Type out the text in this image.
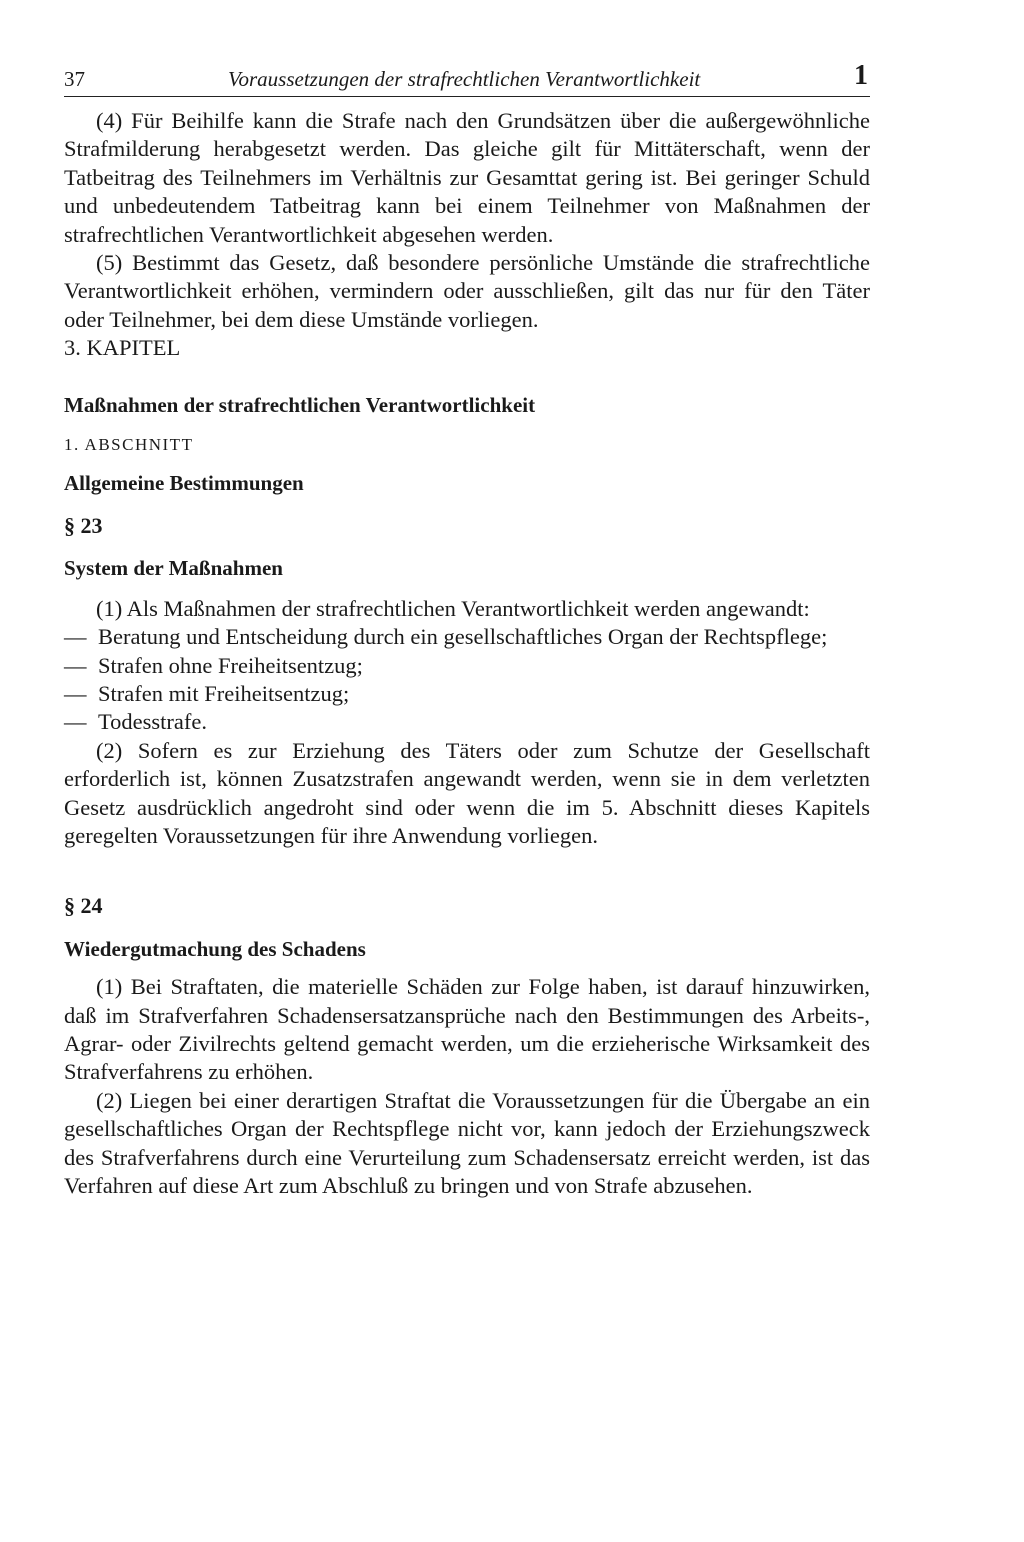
37	Voraussetzungen der strafrechtlichen Verantwortlichkeit	1

(4) Für Beihilfe kann die Strafe nach den Grundsätzen über die außergewöhnliche Strafmilderung herabgesetzt werden. Das gleiche gilt für Mittäterschaft, wenn der Tatbeitrag des Teilnehmers im Verhältnis zur Gesamttat gering ist. Bei geringer Schuld und unbedeutendem Tatbeitrag kann bei einem Teilnehmer von Maßnahmen der strafrechtlichen Verantwortlichkeit abgesehen werden.

(5) Bestimmt das Gesetz, daß besondere persönliche Umstände die strafrechtliche Verantwortlichkeit erhöhen, vermindern oder ausschließen, gilt das nur für den Täter oder Teilnehmer, bei dem diese Umstände vorliegen.

3. KAPITEL

Maßnahmen der strafrechtlichen Verantwortlichkeit

1. ABSCHNITT

Allgemeine Bestimmungen

§ 23

System der Maßnahmen

(1) Als Maßnahmen der strafrechtlichen Verantwortlichkeit werden angewandt:

— Beratung und Entscheidung durch ein gesellschaftliches Organ der Rechtspflege;
— Strafen ohne Freiheitsentzug;
— Strafen mit Freiheitsentzug;
— Todesstrafe.

(2) Sofern es zur Erziehung des Täters oder zum Schutze der Gesellschaft erforderlich ist, können Zusatzstrafen angewandt werden, wenn sie in dem verletzten Gesetz ausdrücklich angedroht sind oder wenn die im 5. Abschnitt dieses Kapitels geregelten Voraussetzungen für ihre Anwendung vorliegen.

§ 24

Wiedergutmachung des Schadens

(1) Bei Straftaten, die materielle Schäden zur Folge haben, ist darauf hinzuwirken, daß im Strafverfahren Schadensersatzansprüche nach den Bestimmungen des Arbeits-, Agrar- oder Zivilrechts geltend gemacht werden, um die erzieherische Wirksamkeit des Strafverfahrens zu erhöhen.

(2) Liegen bei einer derartigen Straftat die Voraussetzungen für die Übergabe an ein gesellschaftliches Organ der Rechtspflege nicht vor, kann jedoch der Erziehungszweck des Strafverfahrens durch eine Verurteilung zum Schadensersatz erreicht werden, ist das Verfahren auf diese Art zum Abschluß zu bringen und von Strafe abzusehen.
